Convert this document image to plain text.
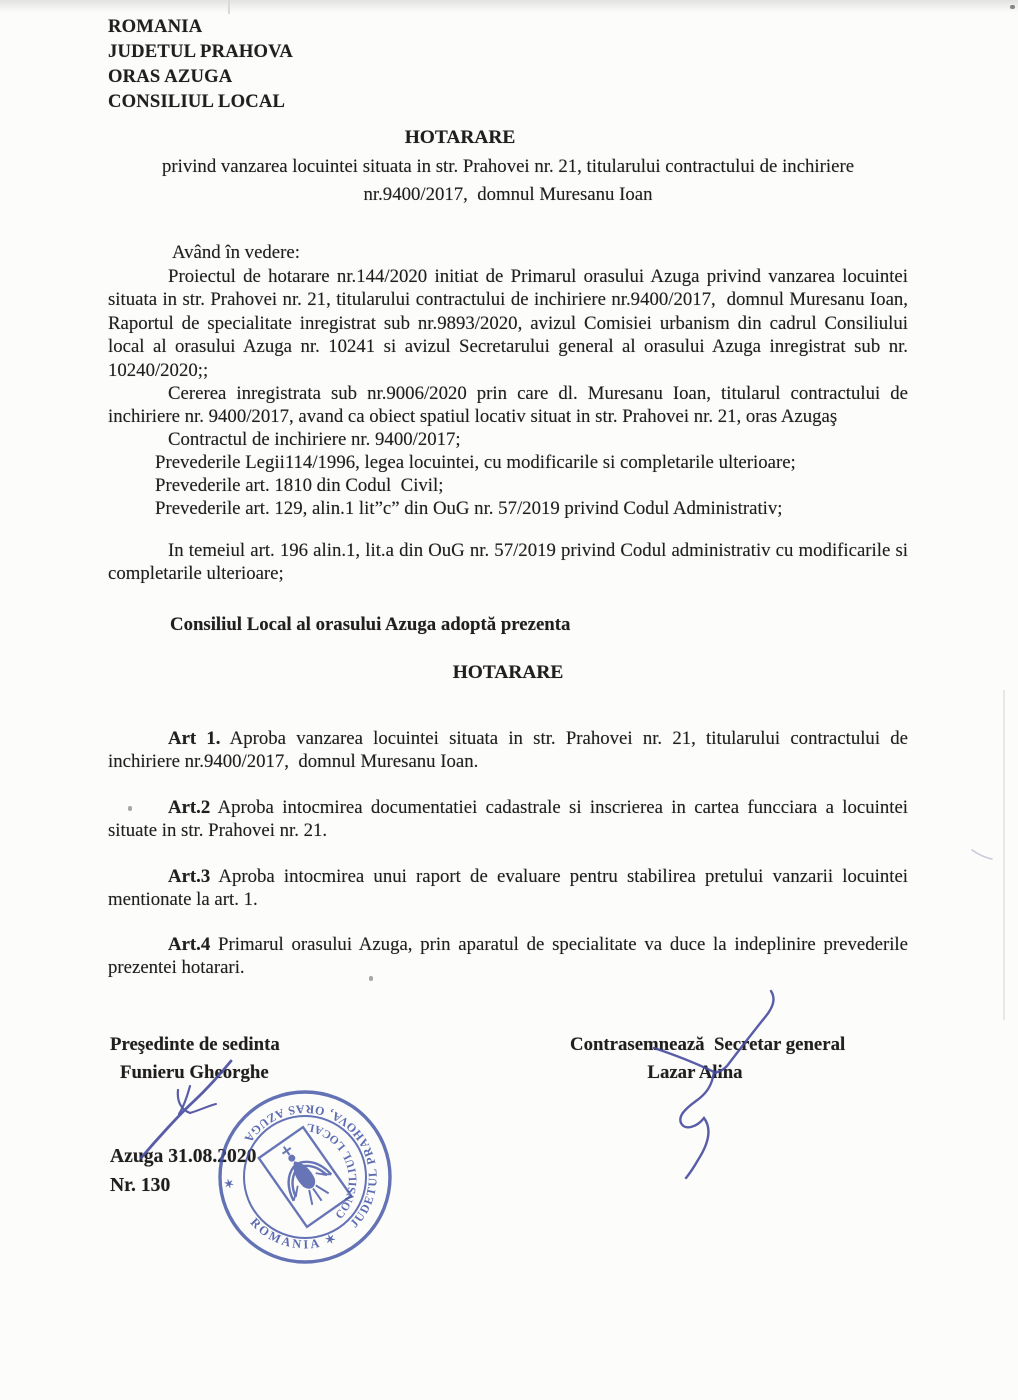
ROMANIA
JUDETUL PRAHOVA
ORAS AZUGA
CONSILIUL LOCAL
HOTARARE
privind vanzarea locuintei situata in str. Prahovei nr. 21, titularului contractului de inchiriere
nr.9400/2017,  domnul Muresanu Ioan
Având în vedere:
Proiectul de hotarare nr.144/2020 initiat de Primarul orasului Azuga privind vanzarea locuintei situata in str. Prahovei nr. 21, titularului contractului de inchiriere nr.9400/2017,  domnul Muresanu Ioan, Raportul de specialitate inregistrat sub nr.9893/2020, avizul Comisiei urbanism din cadrul Consiliului local al orasului Azuga nr. 10241 si avizul Secretarului general al orasului Azuga inregistrat sub nr. 10240/2020;;
Cererea inregistrata sub nr.9006/2020 prin care dl. Muresanu Ioan, titularul contractului de inchiriere nr. 9400/2017, avand ca obiect spatiul locativ situat in str. Prahovei nr. 21, oras Azugaş
Contractul de inchiriere nr. 9400/2017;
Prevederile Legii114/1996, legea locuintei, cu modificarile si completarile ulterioare;
Prevederile art. 1810 din Codul  Civil;
Prevederile art. 129, alin.1 lit”c” din OuG nr. 57/2019 privind Codul Administrativ;
In temeiul art. 196 alin.1, lit.a din OuG nr. 57/2019 privind Codul administrativ cu modificarile si completarile ulterioare;
Consiliul Local al orasului Azuga adoptă prezenta
HOTARARE
Art 1. Aproba vanzarea locuintei situata in str. Prahovei nr. 21, titularului contractului de inchiriere nr.9400/2017,  domnul Muresanu Ioan.
Art.2 Aproba intocmirea documentatiei cadastrale si inscrierea in cartea funcciara a locuintei situate in str. Prahovei nr. 21.
Art.3 Aproba intocmirea unui raport de evaluare pentru stabilirea pretului vanzarii locuintei mentionate la art. 1.
Art.4 Primarul orasului Azuga, prin aparatul de specialitate va duce la indeplinire prevederile prezentei hotarari.
Preşedinte de sedinta
Funieru Gheorghe
Contrasemnează  Secretar general
Lazar Alina
Azuga 31.08.2020
Nr. 130
JUDETUL PRAHOVA, ORAS AZUGA
CONSILIUL LOCAL
ROMANIA ✶
✶
